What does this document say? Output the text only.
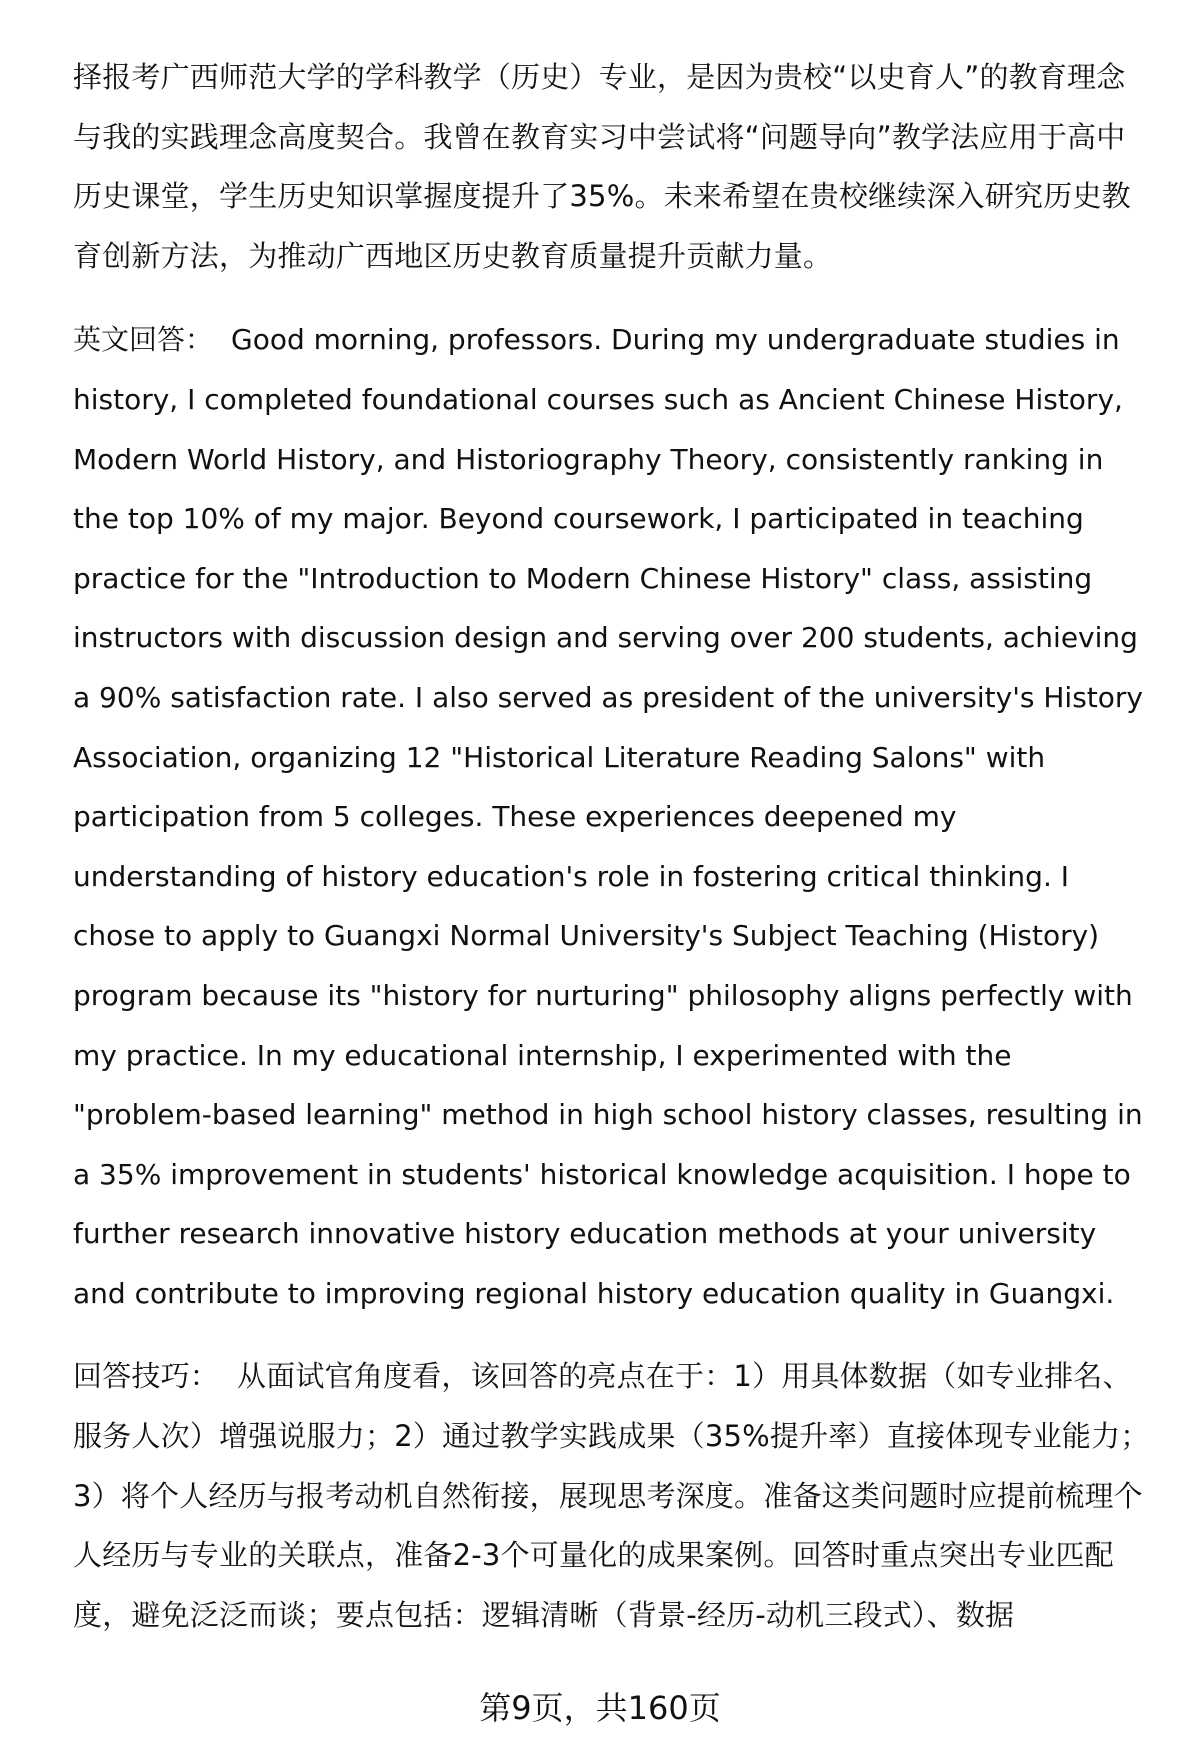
择报考广西师范大学的学科教学（历史）专业，是因为贵校“以史育人”的教育理念与我的实践理念高度契合。我曾在教育实习中尝试将“问题导向”教学法应用于高中历史课堂，学生历史知识掌握度提升了35%。未来希望在贵校继续深入研究历史教育创新方法，为推动广西地区历史教育质量提升贡献力量。

英文回答： Good morning, professors. During my undergraduate studies in history, I completed foundational courses such as Ancient Chinese History, Modern World History, and Historiography Theory, consistently ranking in the top 10% of my major. Beyond coursework, I participated in teaching practice for the "Introduction to Modern Chinese History" class, assisting instructors with discussion design and serving over 200 students, achieving a 90% satisfaction rate. I also served as president of the university's History Association, organizing 12 "Historical Literature Reading Salons" with participation from 5 colleges. These experiences deepened my understanding of history education's role in fostering critical thinking. I chose to apply to Guangxi Normal University's Subject Teaching (History) program because its "history for nurturing" philosophy aligns perfectly with my practice. In my educational internship, I experimented with the "problem-based learning" method in high school history classes, resulting in a 35% improvement in students' historical knowledge acquisition. I hope to further research innovative history education methods at your university and contribute to improving regional history education quality in Guangxi.

回答技巧： 从面试官角度看，该回答的亮点在于：1）用具体数据（如专业排名、服务人次）增强说服力；2）通过教学实践成果（35%提升率）直接体现专业能力；3）将个人经历与报考动机自然衔接，展现思考深度。准备这类问题时应提前梳理个人经历与专业的关联点，准备2-3个可量化的成果案例。回答时重点突出专业匹配度，避免泛泛而谈；要点包括：逻辑清晰（背景-经历-动机三段式）、数据

第9页，共160页
